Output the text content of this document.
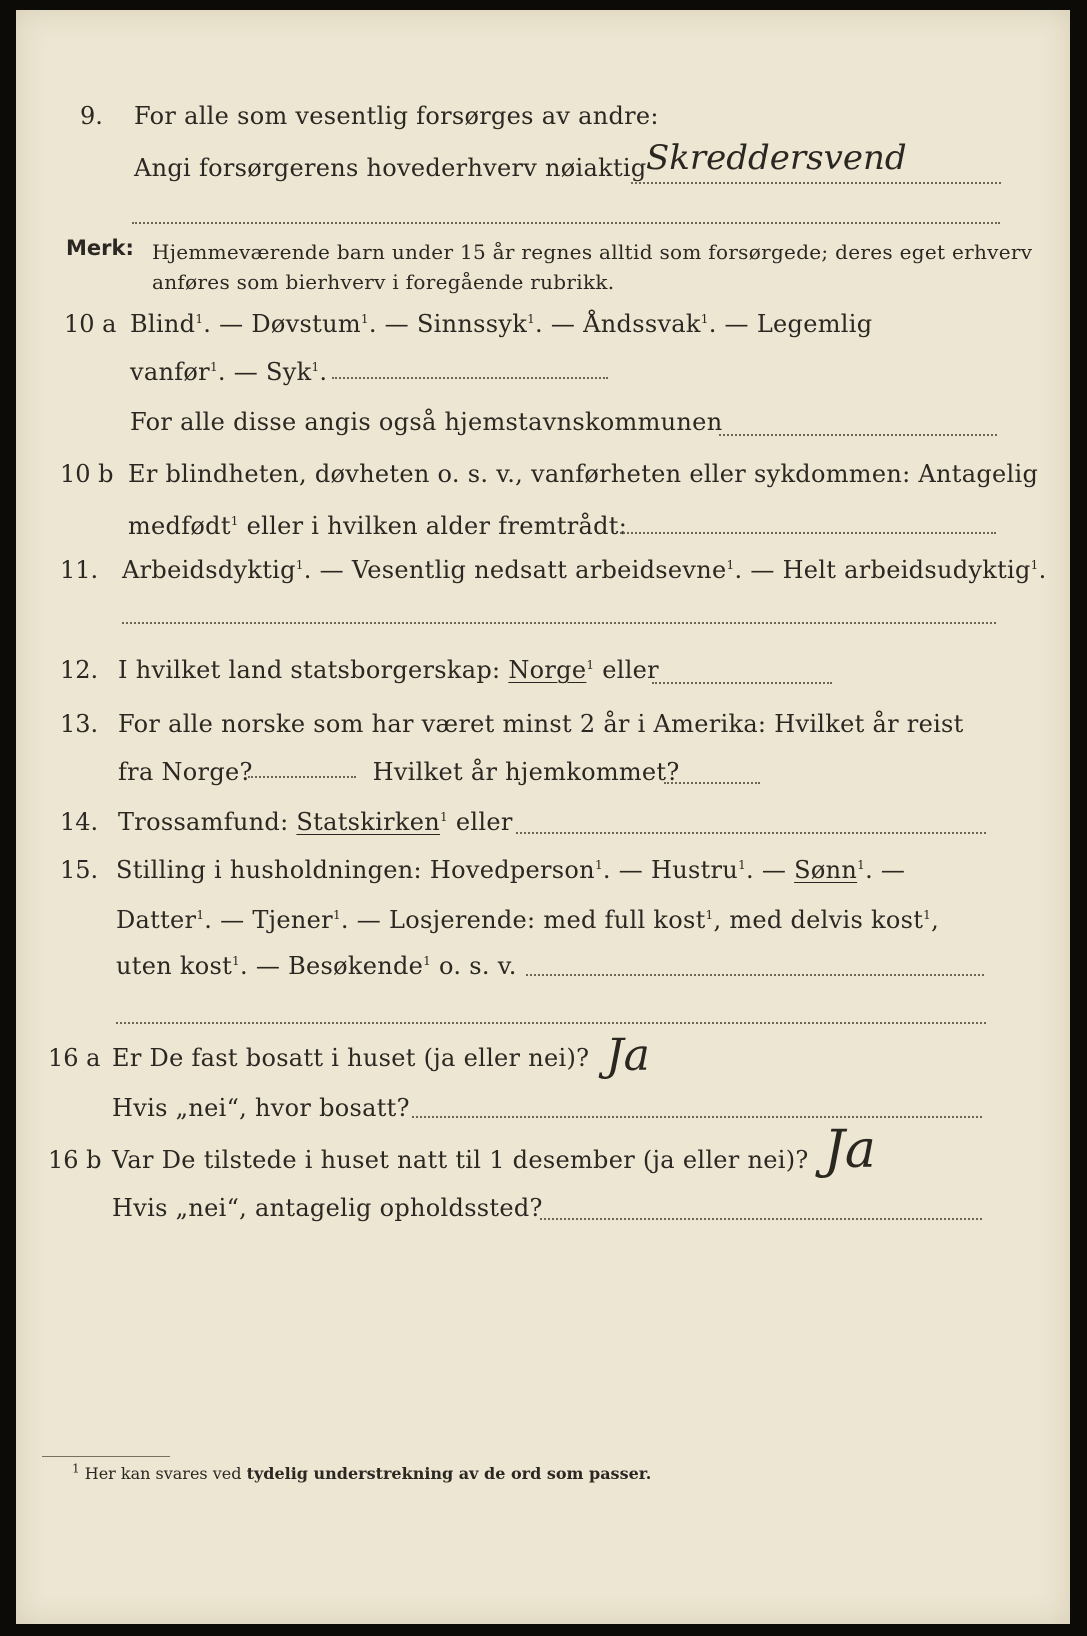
9. For alle som vesentlig forsørges av andre:
Angi forsørgerens hovederhverv nøiaktig Skreddersvend
Merk: Hjemmeværende barn under 15 år regnes alltid som forsørgede; deres eget erhverv
anføres som bierhverv i foregående rubrikk.
10 a Blind$^1$. — Døvstum$^1$. — Sinnssyk$^1$. — Åndssvak$^1$. — Legemlig
vanfør$^1$. — Syk$^1$.
For alle disse angis også hjemstavnskommunen
10 b Er blindheten, døvheten o. s. v., vanførheten eller sykdommen: Antagelig
medfødt$^1$ eller i hvilken alder fremtrådt:
11. Arbeidsdyktig$^1$. — Vesentlig nedsatt arbeidsevne$^1$. — Helt arbeidsudyktig$^1$.
12. I hvilket land statsborgerskap: Norge$^1$ eller
13. For alle norske som har været minst 2 år i Amerika: Hvilket år reist
fra Norge?	Hvilket år hjemkommet?
14. Trossamfund: Statskirken$^1$ eller
15. Stilling i husholdningen: Hovedperson$^1$. — Hustru$^1$. — Sønn$^1$. —
Datter$^1$. — Tjener$^1$. — Losjerende: med full kost$^1$, med delvis kost$^1$,
uten kost$^1$. — Besøkende$^1$ o. s. v.
16 a Er De fast bosatt i huset (ja eller nei)? Ja
Hvis „nei“, hvor bosatt?
16 b Var De tilstede i huset natt til 1 desember (ja eller nei)? Ja
Hvis „nei“, antagelig opholdssted?
$^1$ Her kan svares ved tydelig understrekning av de ord som passer.
